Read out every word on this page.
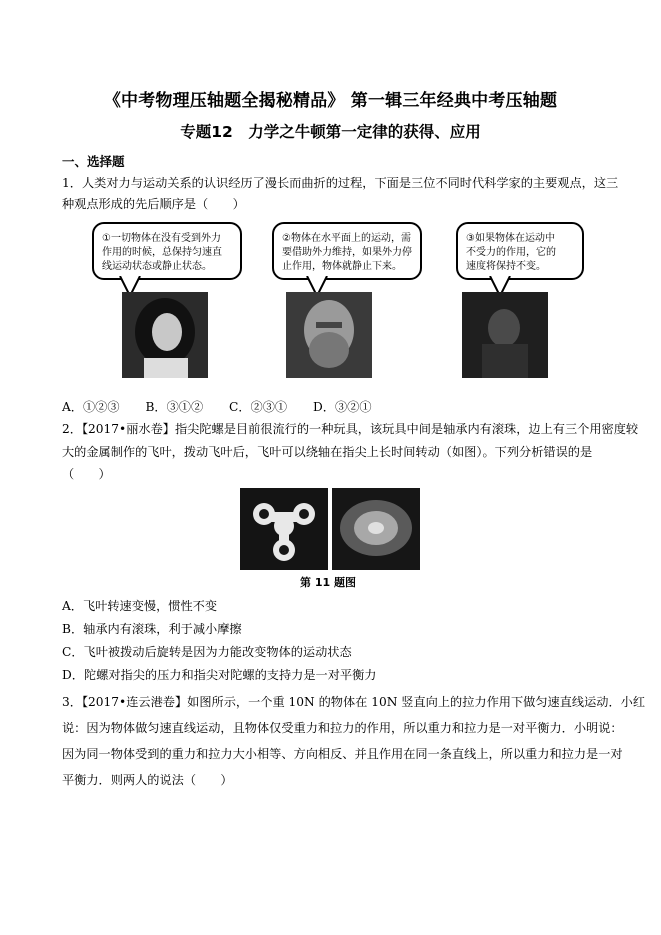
《中考物理压轴题全揭秘精品》 第一辑三年经典中考压轴题
专题12　力学之牛顿第一定律的获得、应用
一、选择题
1．人类对力与运动关系的认识经历了漫长而曲折的过程，下面是三位不同时代科学家的主要观点，这三
种观点形成的先后顺序是（　　）
①一切物体在没有受到外力
作用的时候，总保持匀速直
线运动状态或静止状态。
②物体在水平面上的运动，需
要借助外力维持，如果外力停
止作用，物体就静止下来。
③如果物体在运动中
不受力的作用，它的
速度将保持不变。
A．①②③ B．③①② C．②③① D．③②①
2．【2017•丽水卷】指尖陀螺是目前很流行的一种玩具，该玩具中间是轴承内有滚珠，边上有三个用密度较
大的金属制作的飞叶，拨动飞叶后，飞叶可以绕轴在指尖上长时间转动（如图）。下列分析错误的是
（　　）
第 11 题图
A．飞叶转速变慢，惯性不变
B．轴承内有滚珠，利于减小摩擦
C．飞叶被拨动后旋转是因为力能改变物体的运动状态
D．陀螺对指尖的压力和指尖对陀螺的支持力是一对平衡力
3．【2017•连云港卷】如图所示，一个重 10N 的物体在 10N 竖直向上的拉力作用下做匀速直线运动．小红
说：因为物体做匀速直线运动，且物体仅受重力和拉力的作用，所以重力和拉力是一对平衡力．小明说：
因为同一物体受到的重力和拉力大小相等、方向相反、并且作用在同一条直线上，所以重力和拉力是一对
平衡力．则两人的说法（　　）
